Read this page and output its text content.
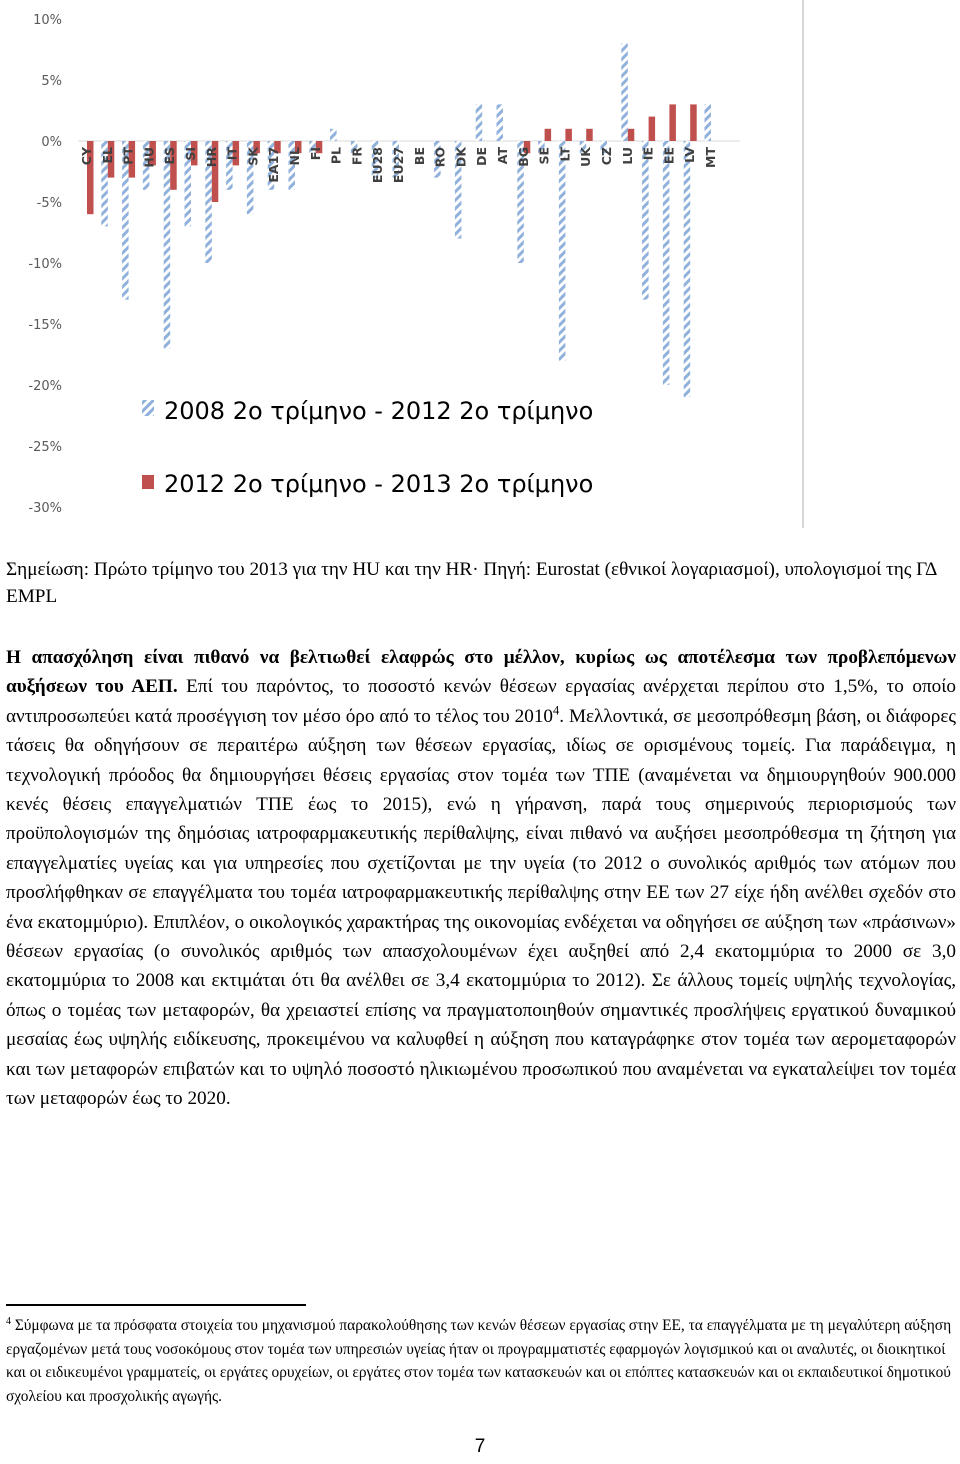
10%
5%
0%
-5%
-10%
-15%
-20%
-25%
-30%
CY EL PT HU ES SI HR IT SK EA17 NL FI PL FR EU28 EU27 BE RO DK DE AT BG SE LT UK CZ LU IE EE LV MT
2008 2ο τρίμηνο - 2012 2ο τρίμηνο
2012 2ο τρίμηνο - 2013 2ο τρίμηνο
Σημείωση: Πρώτο τρίμηνο του 2013 για την HU και την HR· Πηγή: Eurostat (εθνικοί λογαριασμοί), υπολογισμοί της ΓΔ EMPL
Η απασχόληση είναι πιθανό να βελτιωθεί ελαφρώς στο μέλλον, κυρίως ως αποτέλεσμα των προβλεπόμενων αυξήσεων του ΑΕΠ. Επί του παρόντος, το ποσοστό κενών θέσεων εργασίας ανέρχεται περίπου στο 1,5%, το οποίο αντιπροσωπεύει κατά προσέγγιση τον μέσο όρο από το τέλος του 2010$^4$. Μελλοντικά, σε μεσοπρόθεσμη βάση, οι διάφορες τάσεις θα οδηγήσουν σε περαιτέρω αύξηση των θέσεων εργασίας, ιδίως σε ορισμένους τομείς. Για παράδειγμα, η τεχνολογική πρόοδος θα δημιουργήσει θέσεις εργασίας στον τομέα των ΤΠΕ (αναμένεται να δημιουργηθούν 900.000 κενές θέσεις επαγγελματιών ΤΠΕ έως το 2015), ενώ η γήρανση, παρά τους σημερινούς περιορισμούς των προϋπολογισμών της δημόσιας ιατροφαρμακευτικής περίθαλψης, είναι πιθανό να αυξήσει μεσοπρόθεσμα τη ζήτηση για επαγγελματίες υγείας και για υπηρεσίες που σχετίζονται με την υγεία (το 2012 ο συνολικός αριθμός των ατόμων που προσλήφθηκαν σε επαγγέλματα του τομέα ιατροφαρμακευτικής περίθαλψης στην ΕΕ των 27 είχε ήδη ανέλθει σχεδόν στο ένα εκατομμύριο). Επιπλέον, ο οικολογικός χαρακτήρας της οικονομίας ενδέχεται να οδηγήσει σε αύξηση των «πράσινων» θέσεων εργασίας (ο συνολικός αριθμός των απασχολουμένων έχει αυξηθεί από 2,4 εκατομμύρια το 2000 σε 3,0 εκατομμύρια το 2008 και εκτιμάται ότι θα ανέλθει σε 3,4 εκατομμύρια το 2012). Σε άλλους τομείς υψηλής τεχνολογίας, όπως ο τομέας των μεταφορών, θα χρειαστεί επίσης να πραγματοποιηθούν σημαντικές προσλήψεις εργατικού δυναμικού μεσαίας έως υψηλής ειδίκευσης, προκειμένου να καλυφθεί η αύξηση που καταγράφηκε στον τομέα των αερομεταφορών και των μεταφορών επιβατών και το υψηλό ποσοστό ηλικιωμένου προσωπικού που αναμένεται να εγκαταλείψει τον τομέα των μεταφορών έως το 2020.
$^4$ Σύμφωνα με τα πρόσφατα στοιχεία του μηχανισμού παρακολούθησης των κενών θέσεων εργασίας στην ΕΕ, τα επαγγέλματα με τη μεγαλύτερη αύξηση εργαζομένων μετά τους νοσοκόμους στον τομέα των υπηρεσιών υγείας ήταν οι προγραμματιστές εφαρμογών λογισμικού και οι αναλυτές, οι διοικητικοί και οι ειδικευμένοι γραμματείς, οι εργάτες ορυχείων, οι εργάτες στον τομέα των κατασκευών και οι επόπτες κατασκευών και οι εκπαιδευτικοί δημοτικού σχολείου και προσχολικής αγωγής.
7
